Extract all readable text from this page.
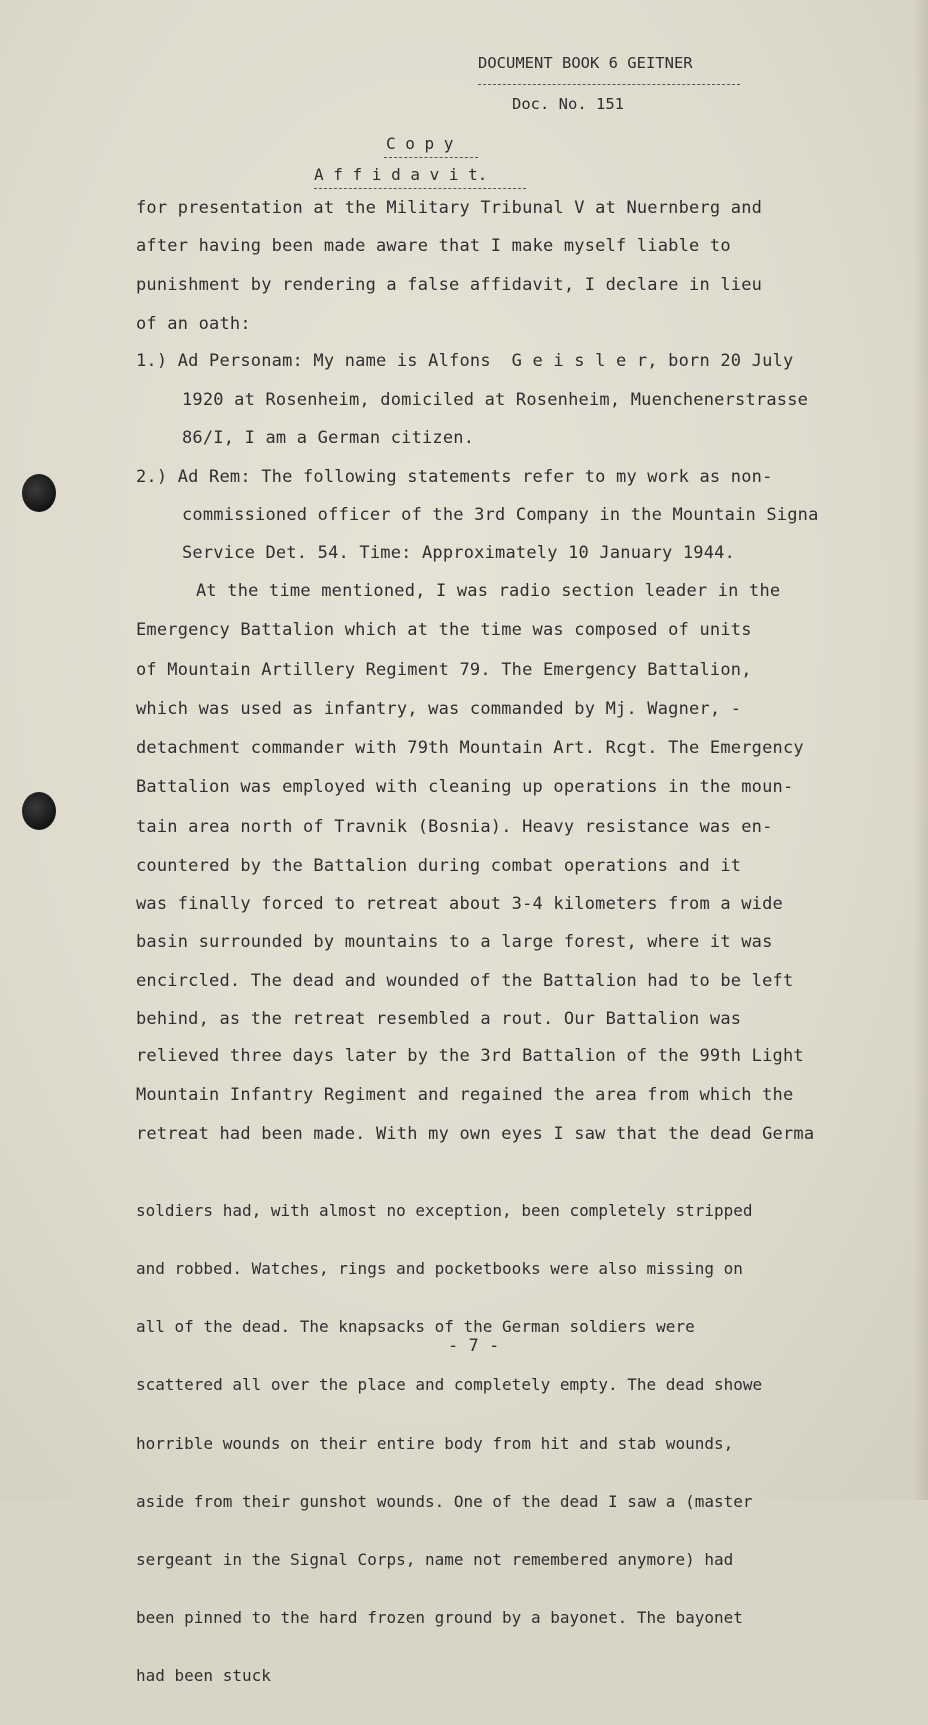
DOCUMENT BOOK 6 GEITNER
Doc. No. 151
C o p y
A f f i d a v i t.
for presentation at the Military Tribunal V at Nuernberg and
after having been made aware that I make myself liable to
punishment by rendering a false affidavit, I declare in lieu
of an oath:
1.) Ad Personam: My name is Alfons  G e i s l e r, born 20 July
1920 at Rosenheim, domiciled at Rosenheim, Muenchenerstrasse
86/I, I am a German citizen.
2.) Ad Rem: The following statements refer to my work as non-
commissioned officer of the 3rd Company in the Mountain Signa
Service Det. 54. Time: Approximately 10 January 1944.
At the time mentioned, I was radio section leader in the
Emergency Battalion which at the time was composed of units
of Mountain Artillery Regiment 79. The Emergency Battalion,
which was used as infantry, was commanded by Mj. Wagner, -
detachment commander with 79th Mountain Art. Rcgt. The Emergency
Battalion was employed with cleaning up operations in the moun-
tain area north of Travnik (Bosnia). Heavy resistance was en-
countered by the Battalion during combat operations and it
was finally forced to retreat about 3-4 kilometers from a wide
basin surrounded by mountains to a large forest, where it was
encircled. The dead and wounded of the Battalion had to be left
behind, as the retreat resembled a rout. Our Battalion was
relieved three days later by the 3rd Battalion of the 99th Light
Mountain Infantry Regiment and regained the area from which the
retreat had been made. With my own eyes I saw that the dead Germa

soldiers had, with almost no exception, been completely stripped

and robbed. Watches, rings and pocketbooks were also missing on

all of the dead. The knapsacks of the German soldiers were

scattered all over the place and completely empty. The dead showe

horrible wounds on their entire body from hit and stab wounds,

aside from their gunshot wounds. One of the dead I saw a (master

sergeant in the Signal Corps, name not remembered anymore) had

been pinned to the hard frozen ground by a bayonet. The bayonet

had been stuck

- 7 -
